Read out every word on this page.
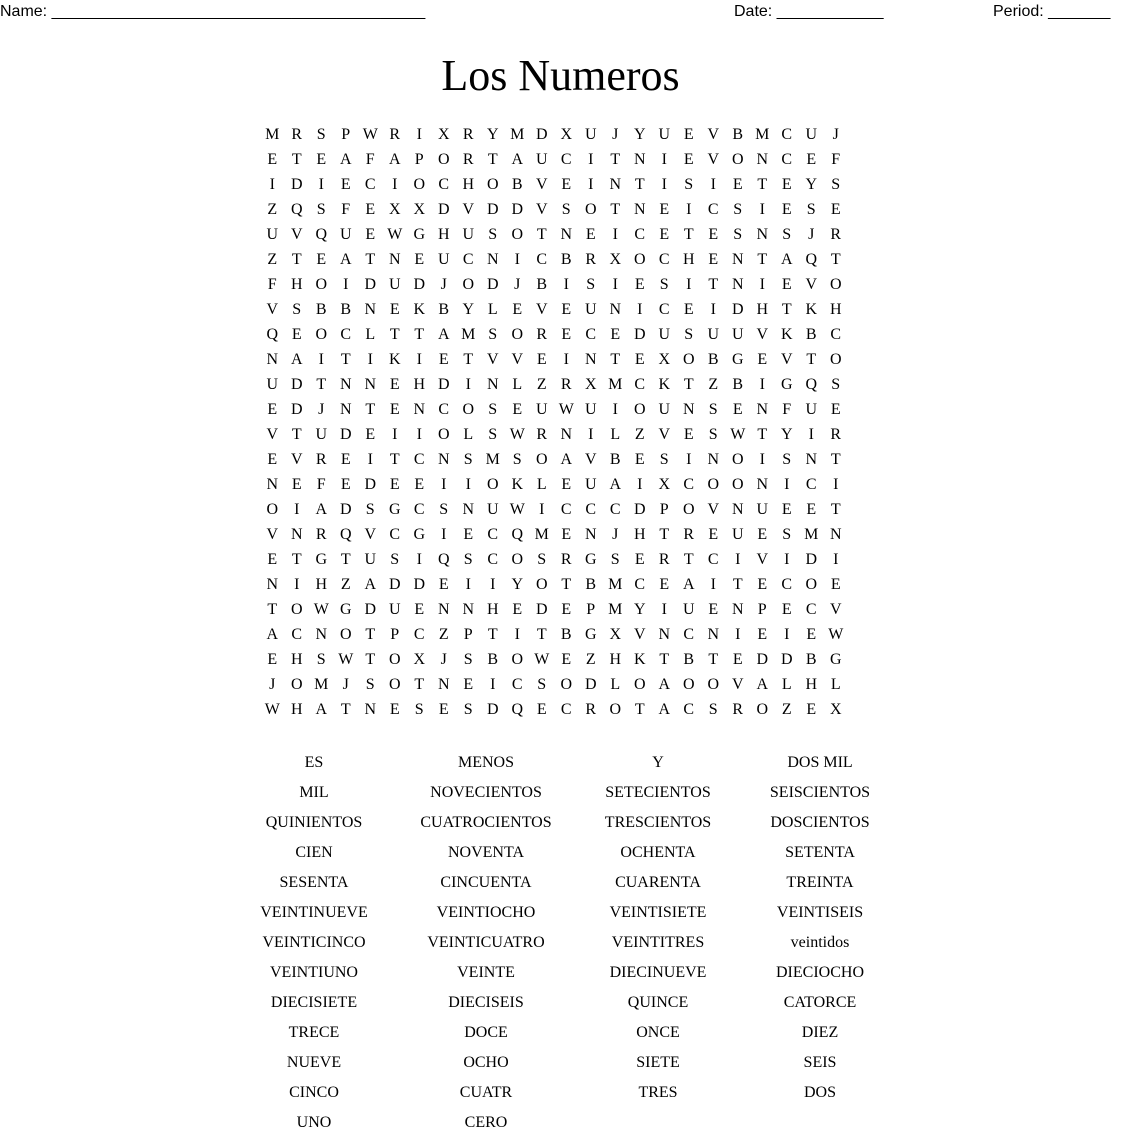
Name: __________________________________________	Date: ____________	Period: _______
Los Numeros
M R S P W R	I	X R Y M D X U J Y U E V B M C U J
E T E A F A P O R T A U C	I	T N	I	E V O N C E F
I	D	I	E C	I	O C H O B V E	I	N T	I	S	I	E T E Y S
Z Q S F E X X D V D D V S O T N E	I	C S	I	E S E
U V Q U E W G H U S O T N E	I	C E T E S N S	J	R
Z T E A T N E U C N	I	C B R X O C H E N T A Q T
F H O	I	D U D J O D J	B	I	S	I	E S	I	T N	I	E V O
V S B B N E K B Y L E V E U N	I	C E	I	D H T K H
Q E O C L T T A M S O R E C E D U S U U V K B C
N A	I	T	I	K	I	E T V V E	I	N T E X O B G E V T O
U D T N N E H D	I	N L Z R X M C K T Z B	I	G Q S
E D J N T E N C O S E U W U	I	O U N S E N F U E
V T U D E	I	I	O L S W R N	I	L Z V E S W T Y	I	R
E V R E	I	T C N S M S O A V B E S	I	N O	I	S N T
N E F E D E E	I	I	O K L E U A	I	X C O O N	I	C	I
O	I	A D S G C S N U W I	C C C D P O V N U E E T
V N R Q V C G	I	E C Q M E N J H T R E U E S M N
E T G T U S	I	Q S C O S R G S E R T C	I	V	I	D	I
N	I	H Z A D D E	I	I	Y O T B M C E A	I	T E C O E
T O W G D U E N N H E D E P M Y	I	U E N P E C V
A C N O T P C Z P T	I	T B G X V N C N	I	E	I	E W
E H S W T O X J	S B O W E Z H K T B T E D D B G
J O M J	S O T N E	I	C S O D L O A O O V A L H L
W H A T N E S E S D Q E C R O T A C S R O Z E X
ES	MENOS	Y	DOS MIL
MIL	NOVECIENTOS	SETECIENTOS	SEISCIENTOS
QUINIENTOS	CUATROCIENTOS	TRESCIENTOS	DOSCIENTOS
CIEN	NOVENTA	OCHENTA	SETENTA
SESENTA	CINCUENTA	CUARENTA	TREINTA
VEINTINUEVE	VEINTIOCHO	VEINTISIETE	VEINTISEIS
VEINTICINCO	VEINTICUATRO	VEINTITRES	veintidos
VEINTIUNO	VEINTE	DIECINUEVE	DIECIOCHO
DIECISIETE	DIECISEIS	QUINCE	CATORCE
TRECE	DOCE	ONCE	DIEZ
NUEVE	OCHO	SIETE	SEIS
CINCO	CUATR	TRES	DOS
UNO	CERO
